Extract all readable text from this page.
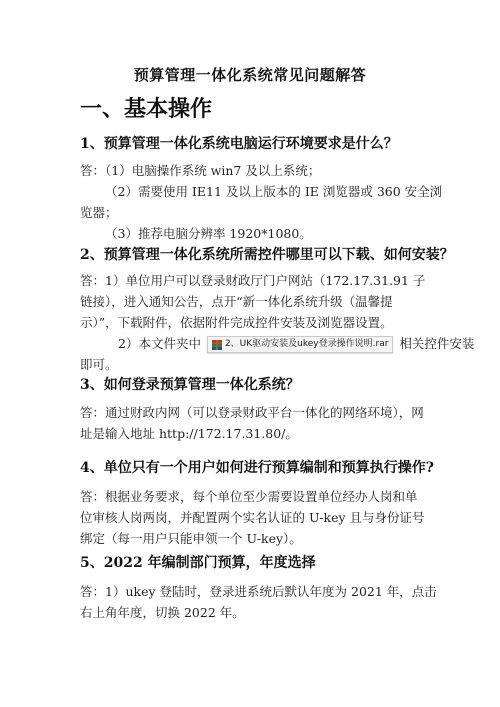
预算管理一体化系统常见问题解答
一、基本操作
1、预算管理一体化系统电脑运行环境要求是什么？
答：（1）电脑操作系统 win7 及以上系统；
（2）需要使用 IE11 及以上版本的 IE 浏览器或 360 安全浏
览器；
（3）推荐电脑分辨率 1920*1080。
2、预算管理一体化系统所需控件哪里可以下载、如何安装？
答：1）单位用户可以登录财政厅门户网站（172.17.31.91 子
链接），进入通知公告，点开“新一体化系统升级（温馨提
示）”，下载附件，依据附件完成控件安装及浏览器设置。
2）本文件夹中	2、UK驱动安装及ukey登录操作说明.rar 相关控件安装
即可。
3、如何登录预算管理一体化系统？
答：通过财政内网（可以登录财政平台一体化的网络环境），网
址是输入地址 http://172.17.31.80/。
4、单位只有一个用户如何进行预算编制和预算执行操作?
答：根据业务要求，每个单位至少需要设置单位经办人岗和单
位审核人岗两岗，并配置两个实名认证的 U-key 且与身份证号
绑定（每一用户只能申领一个 U-key）。
5、2022 年编制部门预算，年度选择
答：1）ukey 登陆时，登录进系统后默认年度为 2021 年，点击
右上角年度，切换 2022 年。
